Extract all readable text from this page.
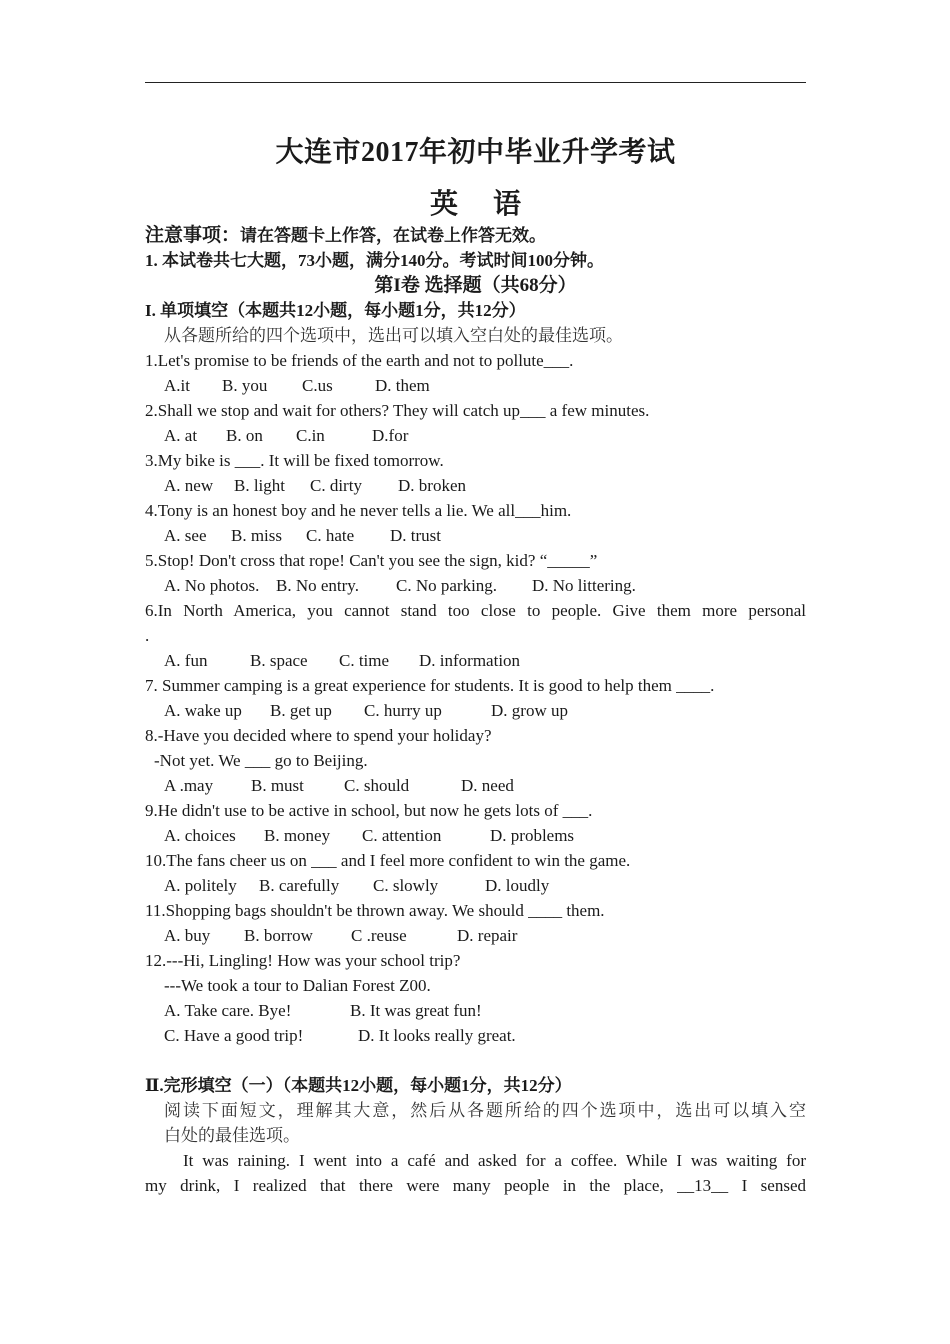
大连市2017年初中毕业升学考试
英 语
注意事项：请在答题卡上作答，在试卷上作答无效。
1. 本试卷共七大题，73小题，满分140分。考试时间100分钟。
第I卷 选择题（共68分）
I. 单项填空（本题共12小题，每小题1分，共12分）
从各题所给的四个选项中，选出可以填入空白处的最佳选项。
1.Let's promise to be friends of the earth and not to pollute___.
A.it B. you C.us D. them
2.Shall we stop and wait for others? They will catch up___ a few minutes.
A. at B. on C.in	D.for
3.My bike is ___. It will be fixed tomorrow.
A. new B. light C. dirty D. broken
4.Tony is an honest boy and he never tells a lie. We all___him.
A. see B. miss C. hate D. trust
5.Stop! Don't cross that rope! Can't you see the sign, kid? “_____”
A. No photos. B. No entry. C. No parking. D. No littering.
6.In North America, you cannot stand too close to people. Give them more personal
.
A. fun	B. space C. time D. information
7. Summer camping is a great experience for students. It is good to help them ____.
A. wake up B. get up C. hurry up	D. grow up
8.-Have you decided where to spend your holiday?
-Not yet. We ___ go to Beijing.
A .may B. must C. should	D. need
9.He didn't use to be active in school, but now he gets lots of ___.
A. choices B. money C. attention	D. problems
10.The fans cheer us on ___ and I feel more confident to win the game.
A. politely B. carefully C. slowly	D. loudly
11.Shopping bags shouldn't be thrown away. We should ____ them.
A. buy B. borrow C .reuse	D. repair
12.---Hi, Lingling! How was your school trip?
---We took a tour to Dalian Forest Z00.
A. Take care. Bye!	B. It was great fun!
C. Have a good trip!	D. It looks really great.
Ⅱ.完形填空（一）（本题共12小题，每小题1分，共12分）
阅读下面短文，理解其大意，然后从各题所给的四个选项中，选出可以填入空
白处的最佳选项。
It was raining. I went into a café and asked for a coffee. While I was waiting for
my drink, I realized that there were many people in the place, __13__ I sensed
